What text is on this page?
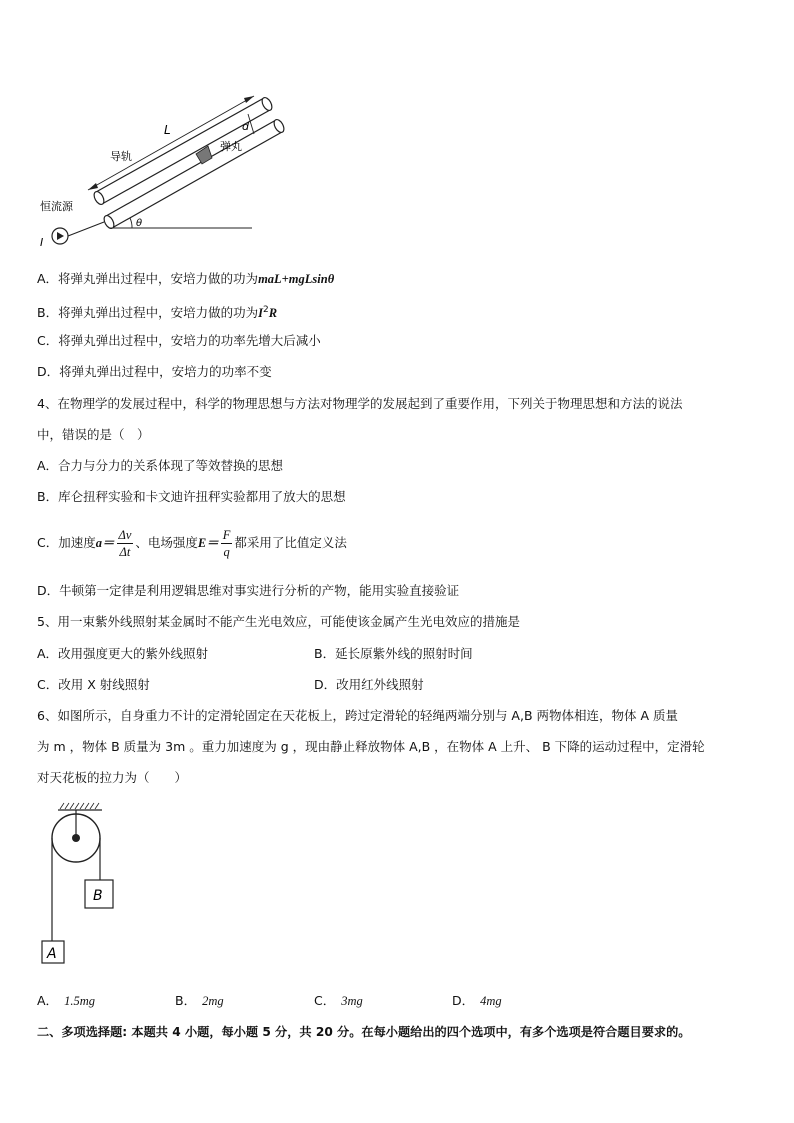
L	d
导轨
弹丸
恒流源
I
θ
A．将弹丸弹出过程中，安培力做的功为maL+mgLsinθ
B．将弹丸弹出过程中，安培力做的功为$I^2R$
C．将弹丸弹出过程中，安培力的功率先增大后减小
D．将弹丸弹出过程中，安培力的功率不变
4、在物理学的发展过程中，科学的物理思想与方法对物理学的发展起到了重要作用，下列关于物理思想和方法的说法
中，错误的是（　）
A．合力与分力的关系体现了等效替换的思想
B．库仑扭秤实验和卡文迪许扭秤实验都用了放大的思想
C．加速度$a= \frac{\Delta v}{\Delta t}$ 、电场强度$E= \frac{F}{q}$ 都采用了比值定义法
D．牛顿第一定律是利用逻辑思维对事实进行分析的产物，能用实验直接验证
5、用一束紫外线照射某金属时不能产生光电效应，可能使该金属产生光电效应的措施是
A．改用强度更大的紫外线照射	B．延长原紫外线的照射时间
C．改用 X 射线照射	D．改用红外线照射
6、如图所示，自身重力不计的定滑轮固定在天花板上，跨过定滑轮的轻绳两端分别与 A,B 两物体相连，物体 A 质量
为 m ，物体 B 质量为 3m 。重力加速度为 g ，现由静止释放物体 A,B ，在物体 A 上升、 B 下降的运动过程中，定滑轮
对天花板的拉力为（　　）
B
A
A． 1.5mg	B． 2mg	C． 3mg	D． 4mg
二、多项选择题: 本题共 4 小题，每小题 5 分，共 20 分。在每小题给出的四个选项中，有多个选项是符合题目要求的。
